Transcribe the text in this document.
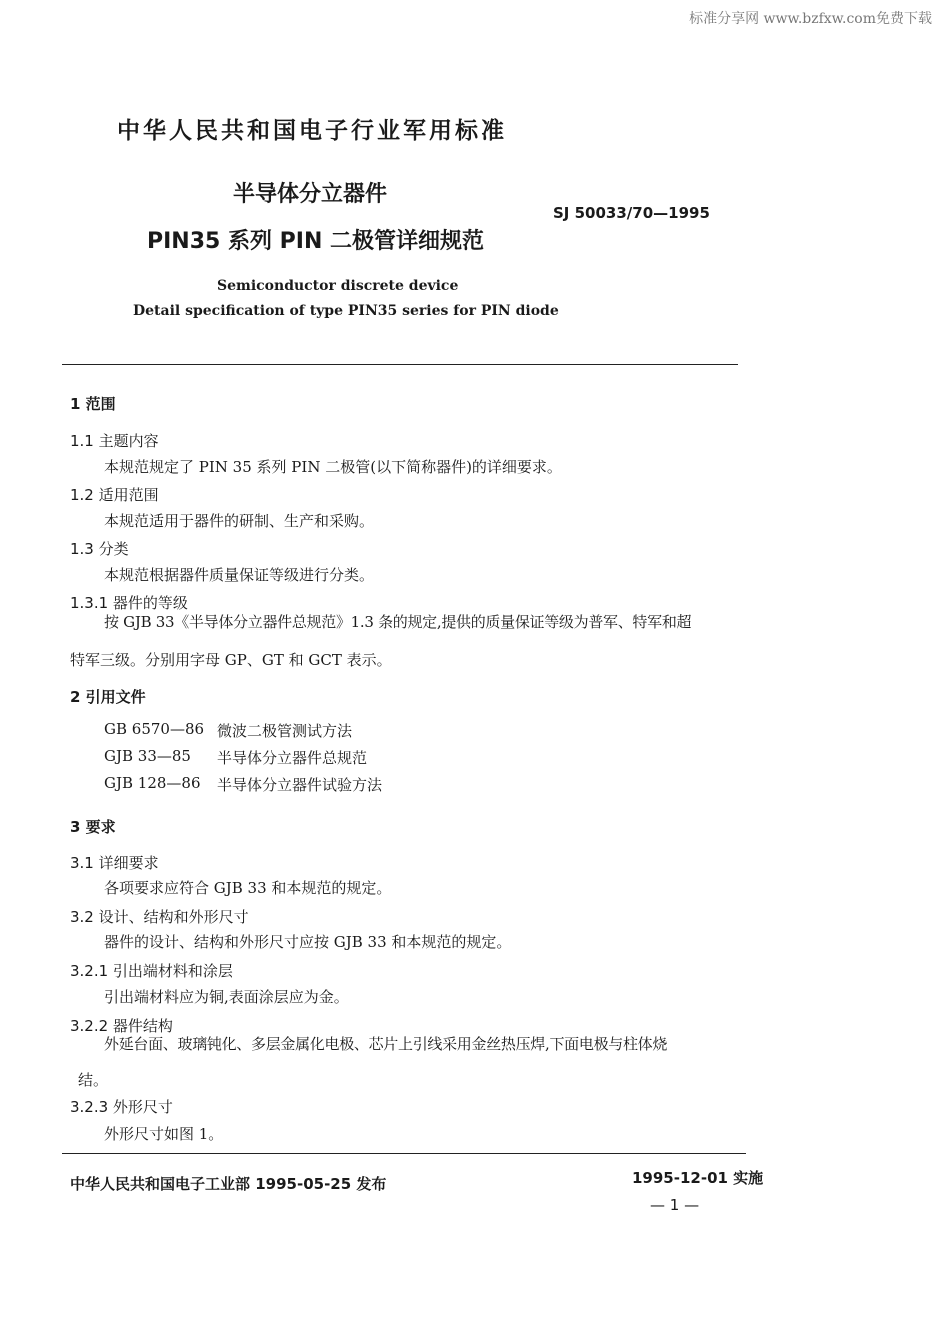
标准分享网 www.bzfxw.com免费下载
中华人民共和国电子行业军用标准
半导体分立器件
PIN35 系列 PIN 二极管详细规范
SJ 50033/70—1995
Semiconductor discrete device
Detail specification of type PIN35 series for PIN diode
1 范围
1.1 主题内容
本规范规定了 PIN 35 系列 PIN 二极管(以下简称器件)的详细要求。
1.2 适用范围
本规范适用于器件的研制、生产和采购。
1.3 分类
本规范根据器件质量保证等级进行分类。
1.3.1 器件的等级
按 GJB 33《半导体分立器件总规范》1.3 条的规定,提供的质量保证等级为普军、特军和超
特军三级。分别用字母 GP、GT 和 GCT 表示。
2 引用文件
GB 6570—86 微波二极管测试方法
GJB 33—85 半导体分立器件总规范
GJB 128—86 半导体分立器件试验方法
3 要求
3.1 详细要求
各项要求应符合 GJB 33 和本规范的规定。
3.2 设计、结构和外形尺寸
器件的设计、结构和外形尺寸应按 GJB 33 和本规范的规定。
3.2.1 引出端材料和涂层
引出端材料应为铜,表面涂层应为金。
3.2.2 器件结构
外延台面、玻璃钝化、多层金属化电极、芯片上引线采用金丝热压焊,下面电极与柱体烧
结。
3.2.3 外形尺寸
外形尺寸如图 1。
中华人民共和国电子工业部 1995-05-25 发布	1995-12-01 实施
— 1 —
